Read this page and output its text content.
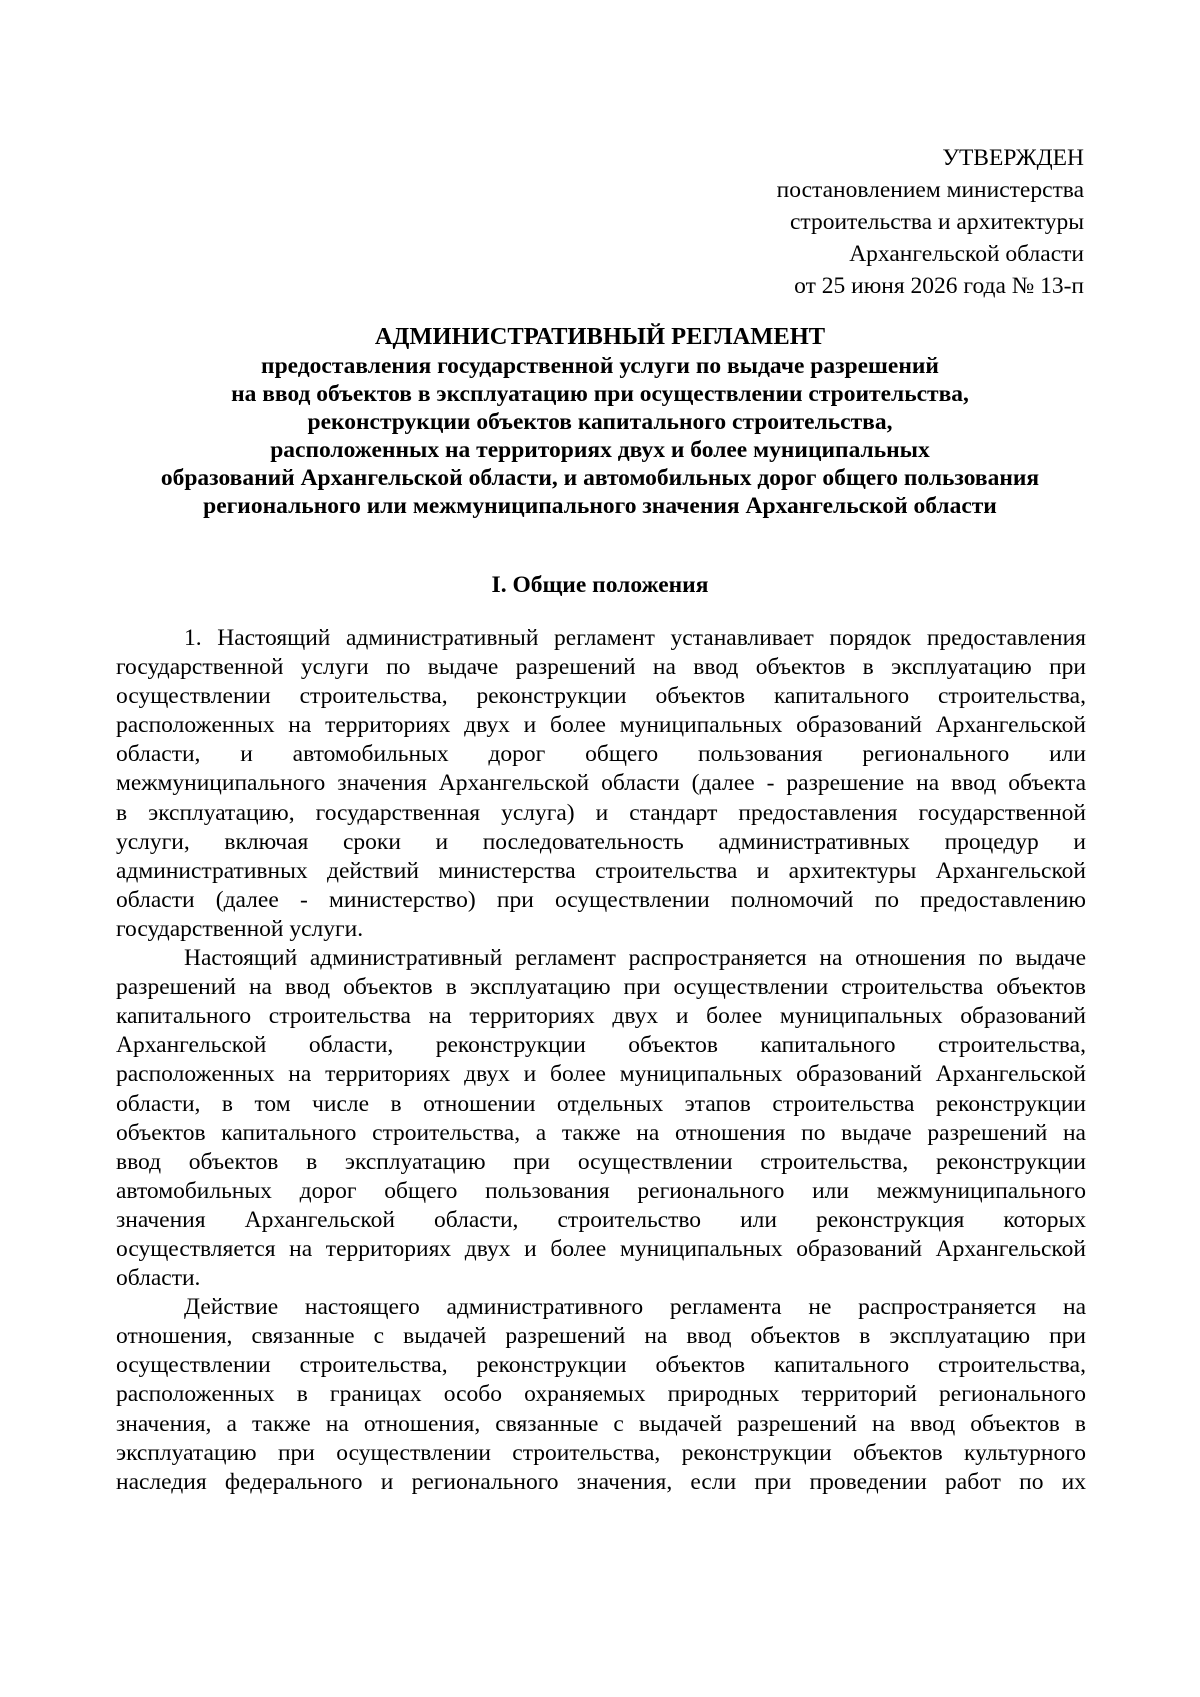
УТВЕРЖДЕН
постановлением министерства
строительства и архитектуры
Архангельской области
от 25 июня 2026 года № 13-п
АДМИНИСТРАТИВНЫЙ РЕГЛАМЕНТ
предоставления государственной услуги по выдаче разрешений
на ввод объектов в эксплуатацию при осуществлении строительства,
реконструкции объектов капитального строительства,
расположенных на территориях двух и более муниципальных
образований Архангельской области, и автомобильных дорог общего пользования
регионального или межмуниципального значения Архангельской области
I. Общие положения
1. Настоящий административный регламент устанавливает порядок предоставления
государственной услуги по выдаче разрешений на ввод объектов в эксплуатацию при
осуществлении строительства, реконструкции объектов капитального строительства,
расположенных на территориях двух и более муниципальных образований Архангельской
области, и автомобильных дорог общего пользования регионального или
межмуниципального значения Архангельской области (далее - разрешение на ввод объекта
в эксплуатацию, государственная услуга) и стандарт предоставления государственной
услуги, включая сроки и последовательность административных процедур и
административных действий министерства строительства и архитектуры Архангельской
области (далее - министерство) при осуществлении полномочий по предоставлению
государственной услуги.
Настоящий административный регламент распространяется на отношения по выдаче
разрешений на ввод объектов в эксплуатацию при осуществлении строительства объектов
капитального строительства на территориях двух и более муниципальных образований
Архангельской области, реконструкции объектов капитального строительства,
расположенных на территориях двух и более муниципальных образований Архангельской
области, в том числе в отношении отдельных этапов строительства реконструкции
объектов капитального строительства, а также на отношения по выдаче разрешений на
ввод объектов в эксплуатацию при осуществлении строительства, реконструкции
автомобильных дорог общего пользования регионального или межмуниципального
значения Архангельской области, строительство или реконструкция которых
осуществляется на территориях двух и более муниципальных образований Архангельской
области.
Действие настоящего административного регламента не распространяется на
отношения, связанные с выдачей разрешений на ввод объектов в эксплуатацию при
осуществлении строительства, реконструкции объектов капитального строительства,
расположенных в границах особо охраняемых природных территорий регионального
значения, а также на отношения, связанные с выдачей разрешений на ввод объектов в
эксплуатацию при осуществлении строительства, реконструкции объектов культурного
наследия федерального и регионального значения, если при проведении работ по их
